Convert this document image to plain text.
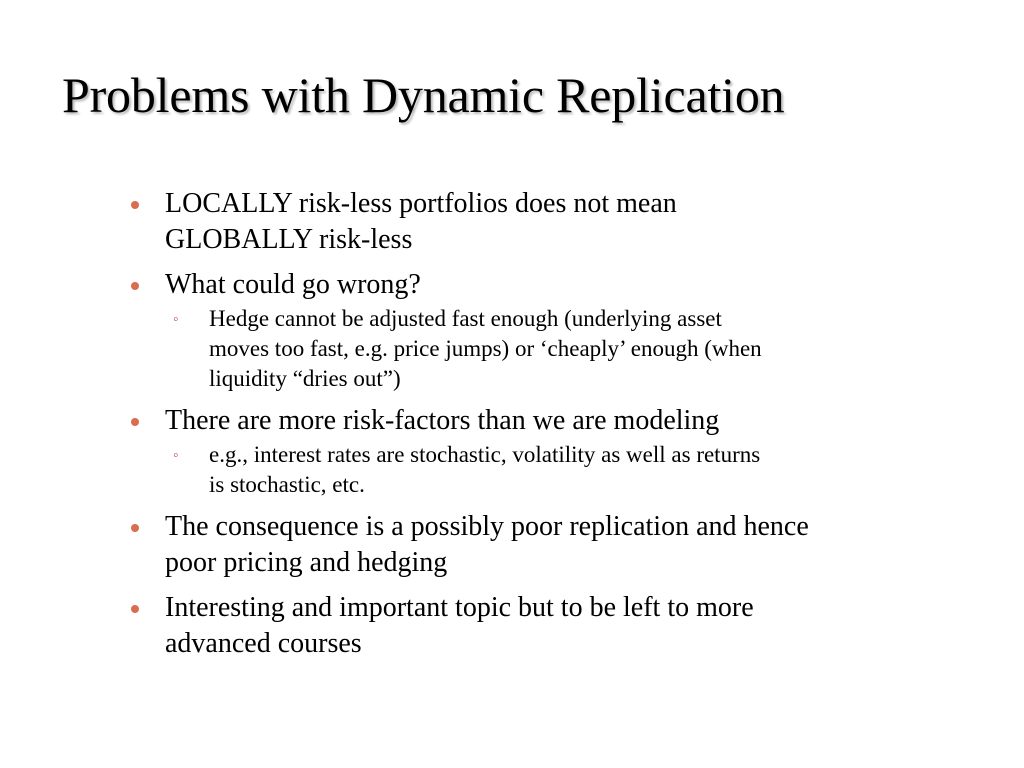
Problems with Dynamic Replication
LOCALLY risk-less portfolios does not mean GLOBALLY risk-less
What could go wrong?
◦ Hedge cannot be adjusted fast enough (underlying asset moves too fast, e.g. price jumps) or ‘cheaply’ enough (when liquidity “dries out”)
There are more risk-factors than we are modeling
◦ e.g., interest rates are stochastic, volatility as well as returns is stochastic, etc.
The consequence is a possibly poor replication and hence poor pricing and hedging
Interesting and important topic but to be left to more advanced courses
